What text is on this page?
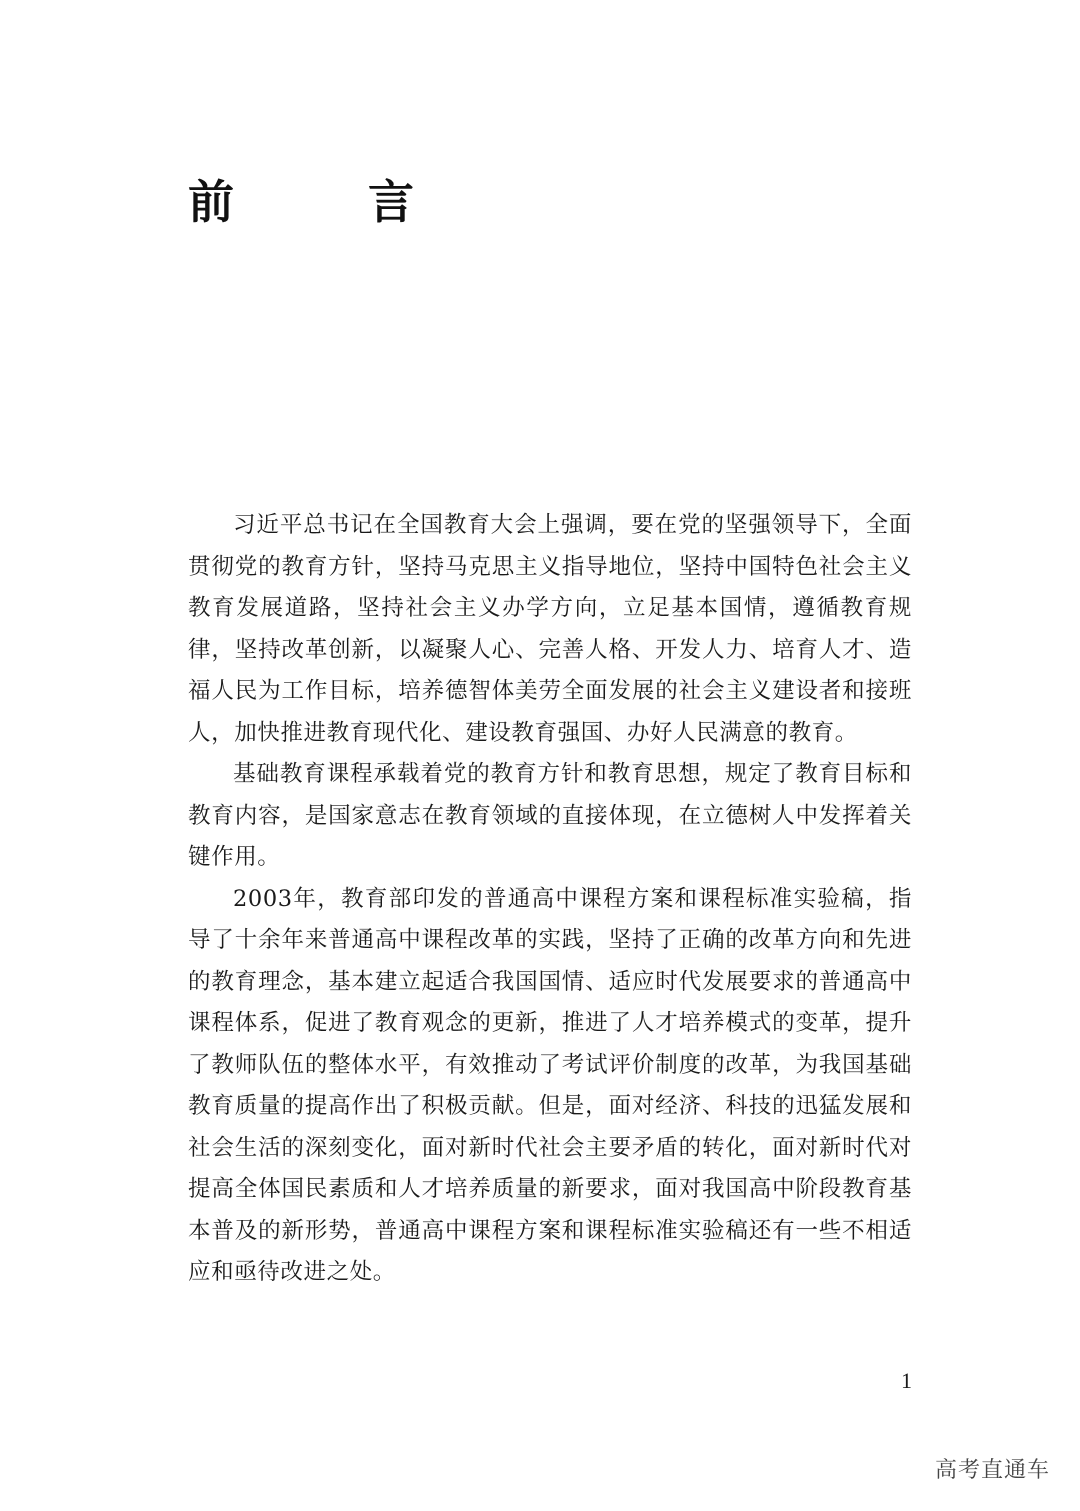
前　言

习近平总书记在全国教育大会上强调，要在党的坚强领导下，全面贯彻党的教育方针，坚持马克思主义指导地位，坚持中国特色社会主义教育发展道路，坚持社会主义办学方向，立足基本国情，遵循教育规律，坚持改革创新，以凝聚人心、完善人格、开发人力、培育人才、造福人民为工作目标，培养德智体美劳全面发展的社会主义建设者和接班人，加快推进教育现代化、建设教育强国、办好人民满意的教育。

基础教育课程承载着党的教育方针和教育思想，规定了教育目标和教育内容，是国家意志在教育领域的直接体现，在立德树人中发挥着关键作用。

2003年，教育部印发的普通高中课程方案和课程标准实验稿，指导了十余年来普通高中课程改革的实践，坚持了正确的改革方向和先进的教育理念，基本建立起适合我国国情、适应时代发展要求的普通高中课程体系，促进了教育观念的更新，推进了人才培养模式的变革，提升了教师队伍的整体水平，有效推动了考试评价制度的改革，为我国基础教育质量的提高作出了积极贡献。但是，面对经济、科技的迅猛发展和社会生活的深刻变化，面对新时代社会主要矛盾的转化，面对新时代对提高全体国民素质和人才培养质量的新要求，面对我国高中阶段教育基本普及的新形势，普通高中课程方案和课程标准实验稿还有一些不相适应和亟待改进之处。

1
高考直通车
